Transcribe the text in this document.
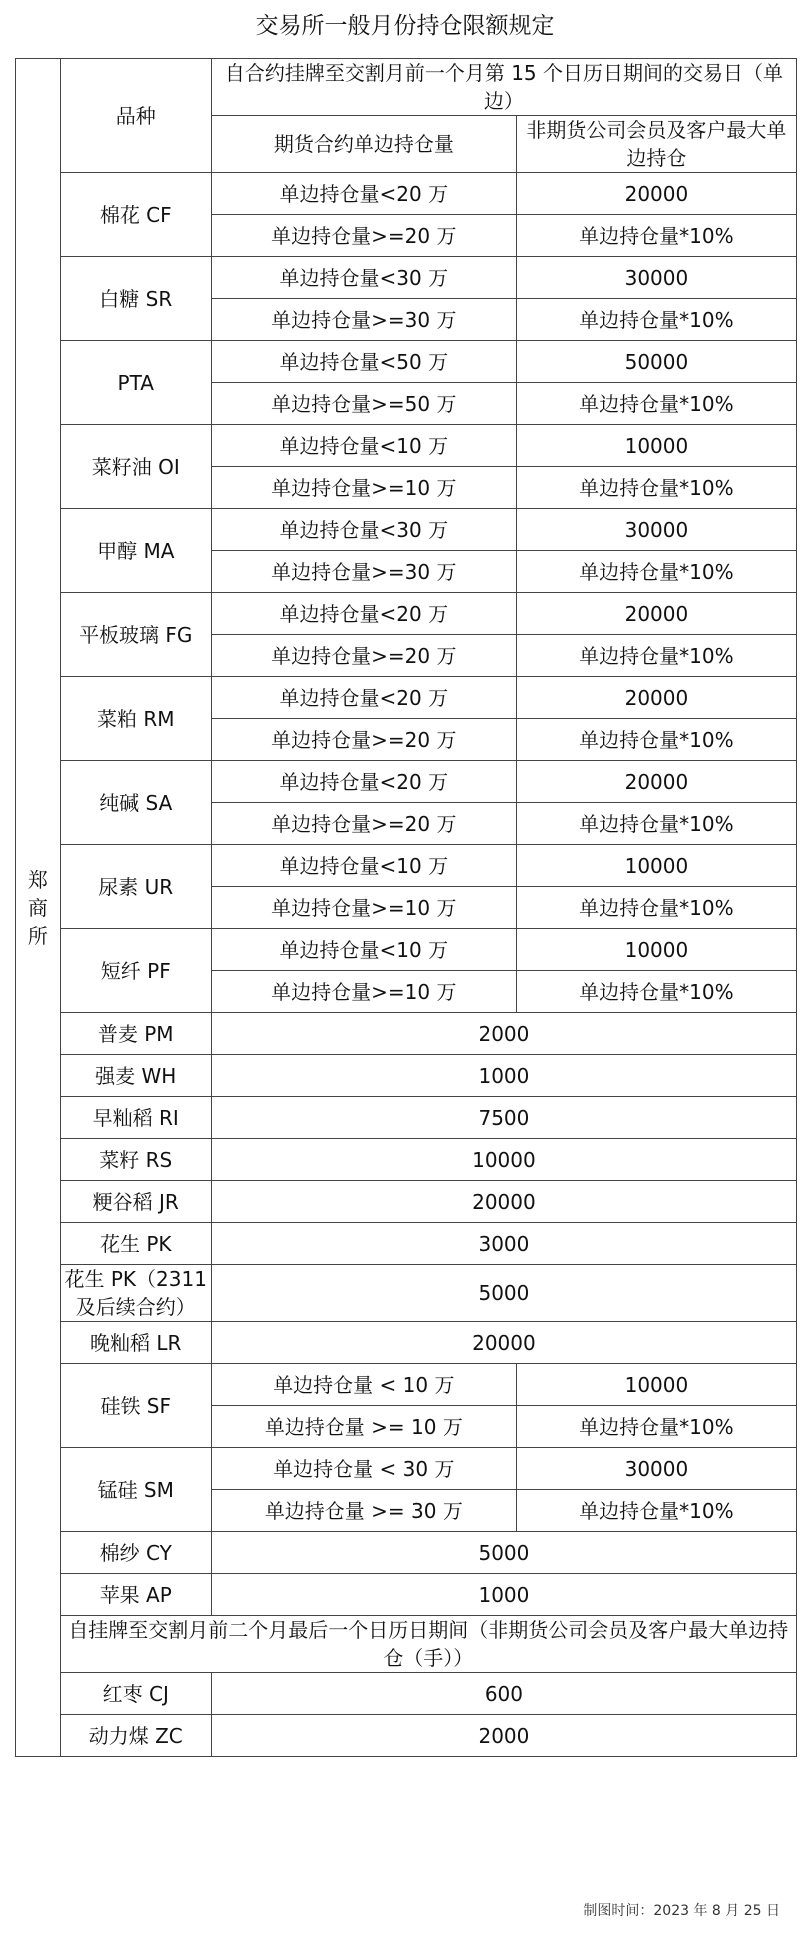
交易所一般月份持仓限额规定
郑商所	品种	自合约挂牌至交割月前一个月第 15 个日历日期间的交易日（单边）	
		期货合约单边持仓量	非期货公司会员及客户最大单边持仓
	棉花 CF	单边持仓量<20 万	20000
		单边持仓量>=20 万	单边持仓量*10%
	白糖 SR	单边持仓量<30 万	30000
		单边持仓量>=30 万	单边持仓量*10%
	PTA	单边持仓量<50 万	50000
		单边持仓量>=50 万	单边持仓量*10%
	菜籽油 OI	单边持仓量<10 万	10000
		单边持仓量>=10 万	单边持仓量*10%
	甲醇 MA	单边持仓量<30 万	30000
		单边持仓量>=30 万	单边持仓量*10%
	平板玻璃 FG	单边持仓量<20 万	20000
		单边持仓量>=20 万	单边持仓量*10%
	菜粕 RM	单边持仓量<20 万	20000
		单边持仓量>=20 万	单边持仓量*10%
	纯碱 SA	单边持仓量<20 万	20000
		单边持仓量>=20 万	单边持仓量*10%
	尿素 UR	单边持仓量<10 万	10000
		单边持仓量>=10 万	单边持仓量*10%
	短纤 PF	单边持仓量<10 万	10000
		单边持仓量>=10 万	单边持仓量*10%
	普麦 PM	2000	
	强麦 WH	1000	
	早籼稻 RI	7500	
	菜籽 RS	10000	
	粳谷稻 JR	20000	
	花生 PK	3000	
	花生 PK（2311 及后续合约）	5000	
	晚籼稻 LR	20000	
	硅铁 SF	单边持仓量 < 10 万	10000
		单边持仓量 >= 10 万	单边持仓量*10%
	锰硅 SM	单边持仓量 < 30 万	30000
		单边持仓量 >= 30 万	单边持仓量*10%
	棉纱 CY	5000	
	苹果 AP	1000	
	自挂牌至交割月前二个月最后一个日历日期间（非期货公司会员及客户最大单边持仓（手））		
	红枣 CJ	600	
	动力煤 ZC	2000	
制图时间：2023 年 8 月 25 日
